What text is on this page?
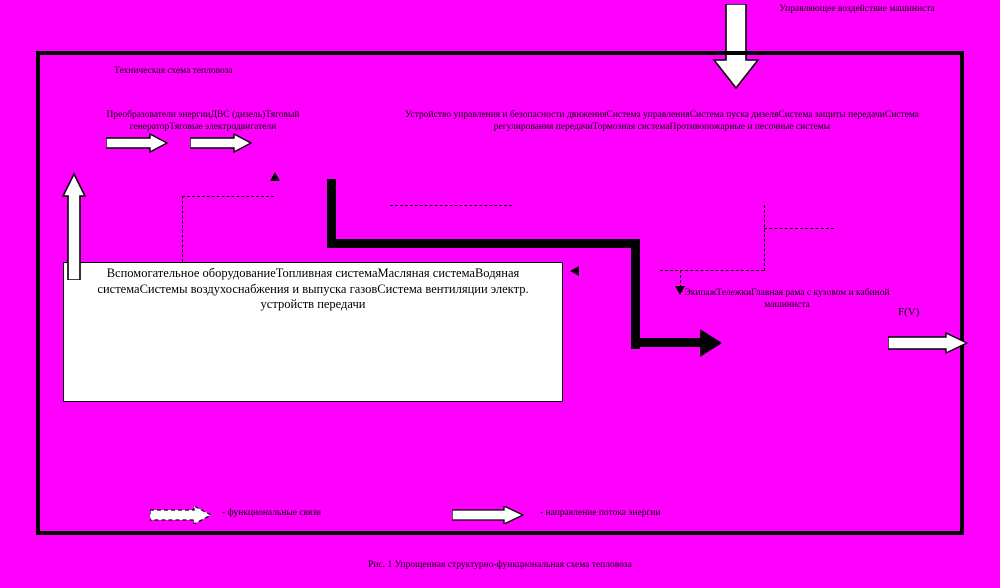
Управляющее воздействие машиниста
Техническая схема тепловоза
Преобразователи энергииДВС (дизель)Тяговый генераторТяговые электродвигатели
Устройство управления и безопасности движенияСистема управленияСистема пуска дизеляСистема защиты передачиСистема регулирования передачиТормозная системаПротивопожарные и песочные системы
Вспомогательное оборудованиеТопливная системаМасляная системаВодяная системаСистемы воздухоснабжения и выпуска газовСистема вентиляции электр. устройств передачи
ЭкипажТележкиГлавная рама с кузовом и кабиной машиниста
F(V)
- функциональные связи	- направление потока энергии
Рис. 1 Упрощенная структурно-функциональная схема тепловоза
